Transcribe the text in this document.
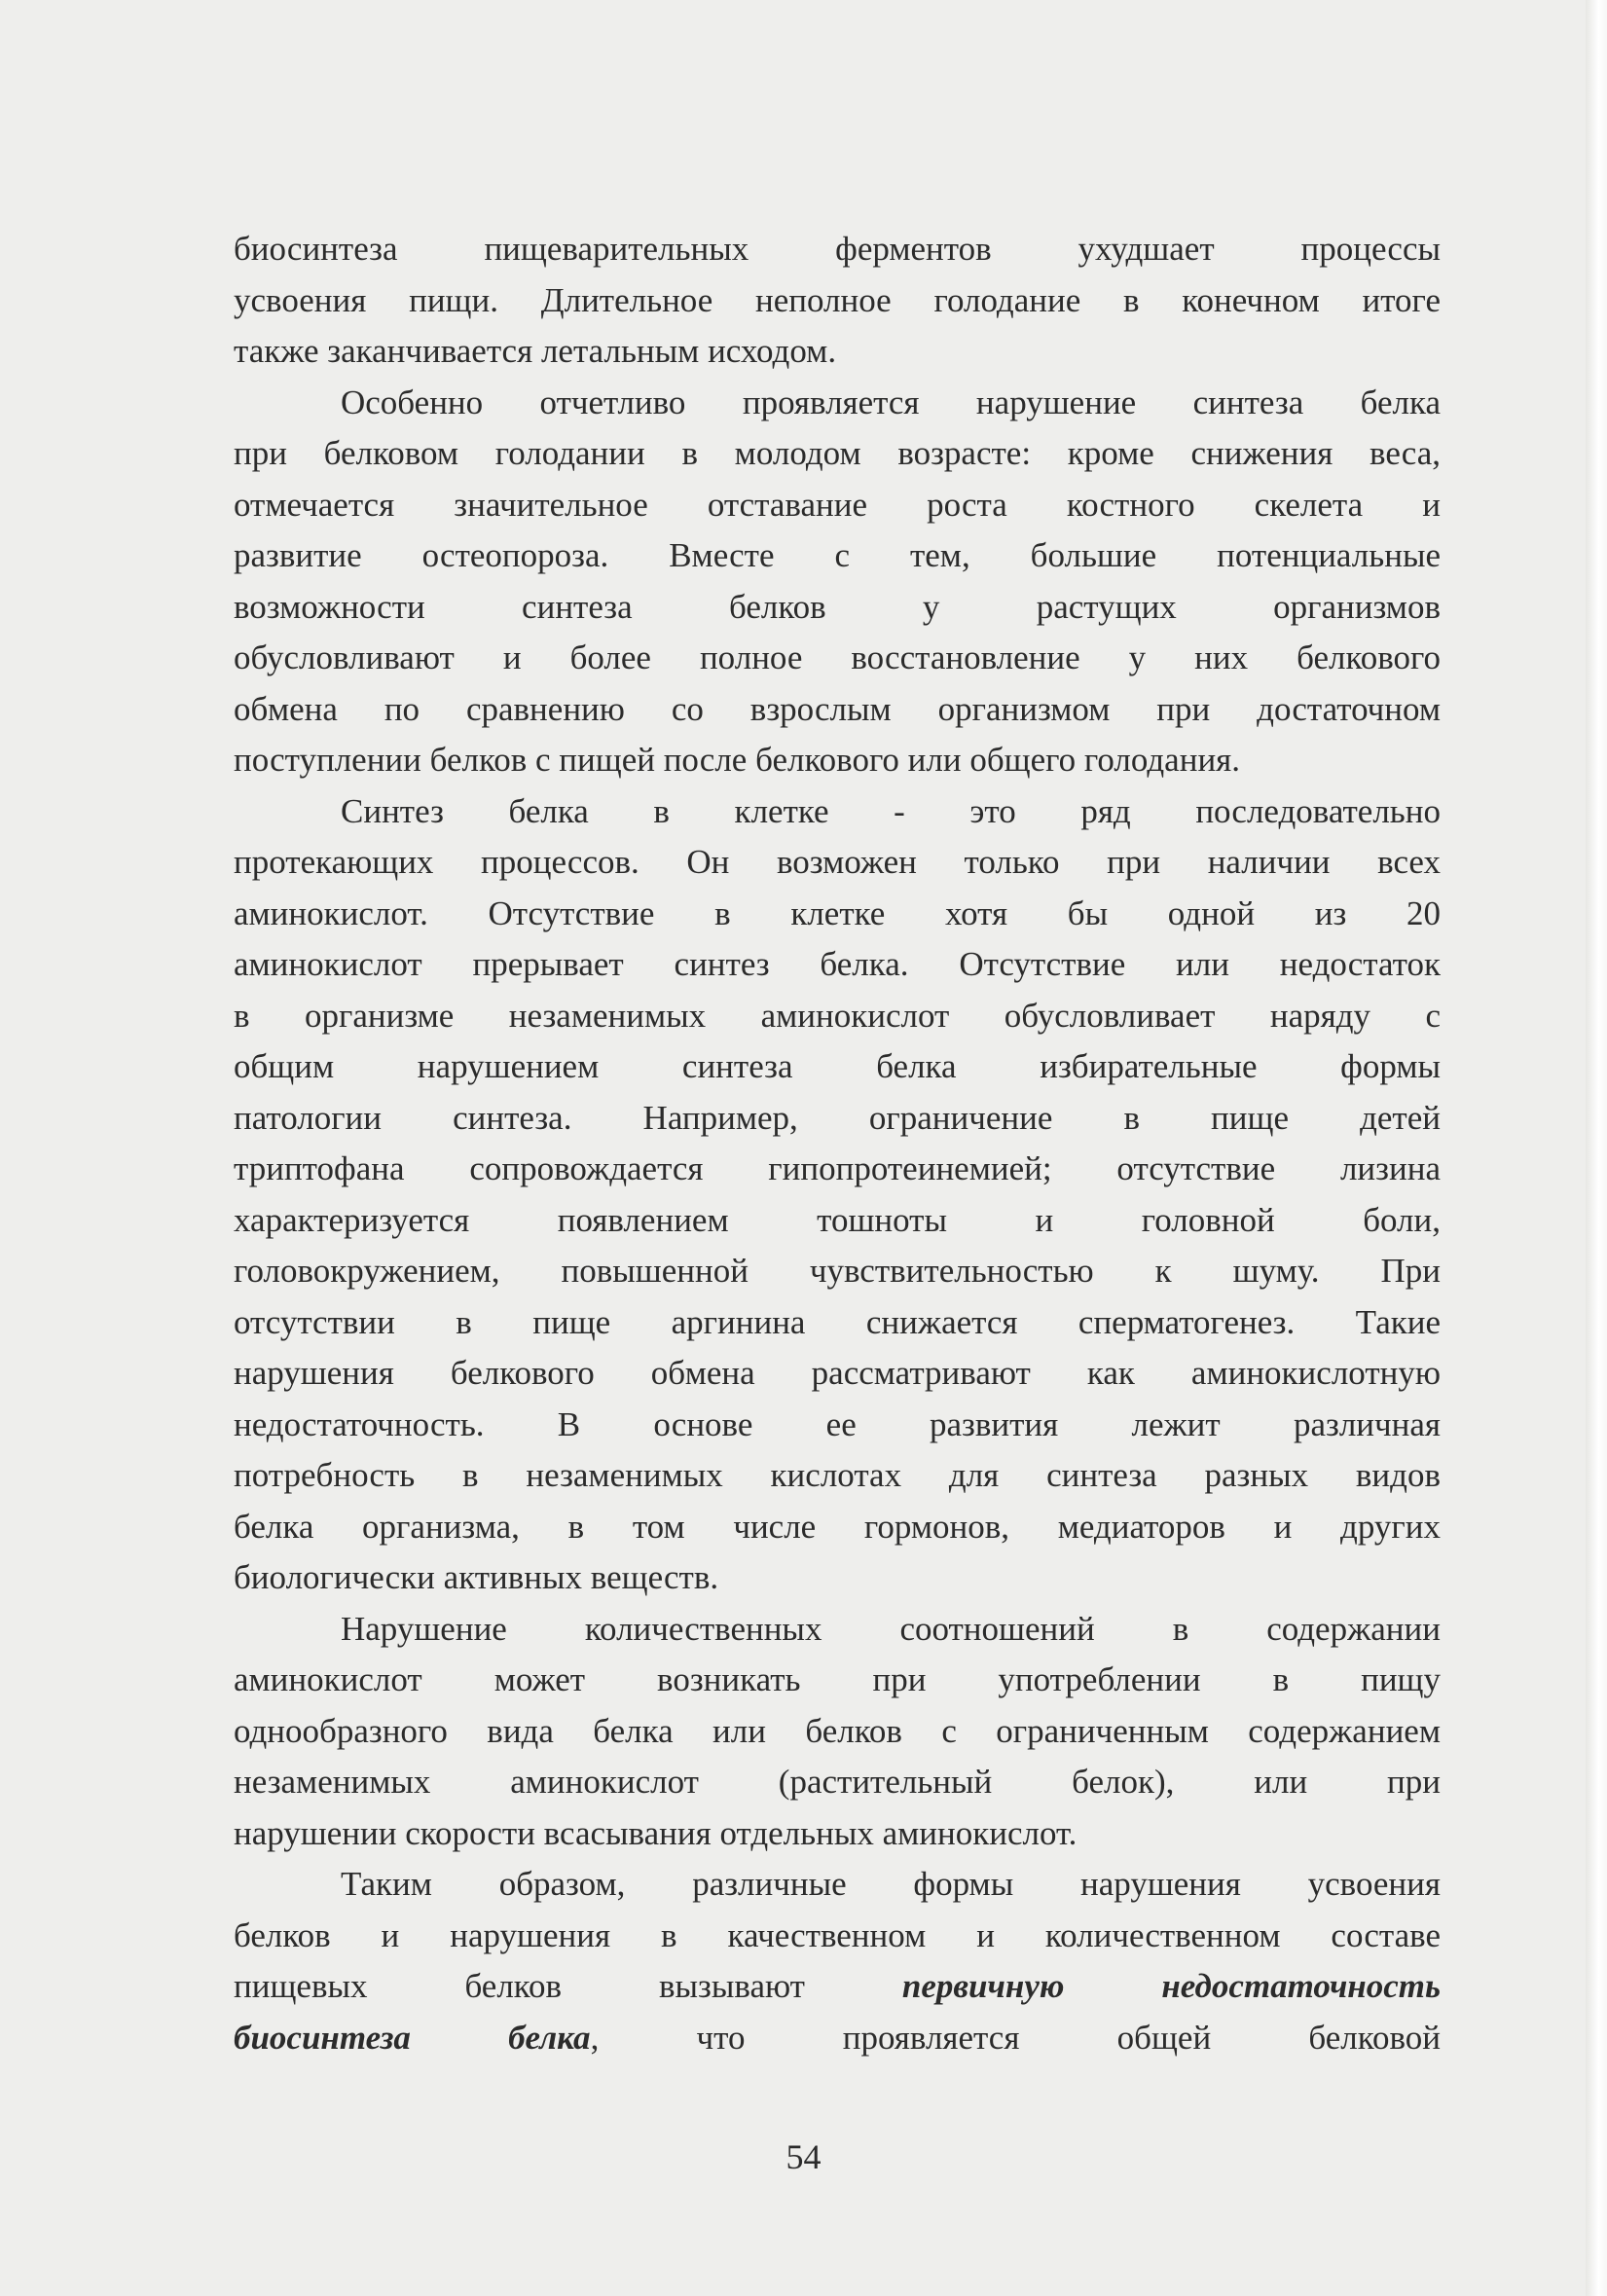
биосинтеза пищеварительных ферментов ухудшает процессы
усвоения пищи. Длительное неполное голодание в конечном итоге
также заканчивается летальным исходом.
Особенно отчетливо проявляется нарушение синтеза белка
при белковом голодании в молодом возрасте: кроме снижения веса,
отмечается значительное отставание роста костного скелета и
развитие остеопороза. Вместе с тем, большие потенциальные
возможности синтеза белков у растущих организмов
обусловливают и более полное восстановление у них белкового
обмена по сравнению со взрослым организмом при достаточном
поступлении белков с пищей после белкового или общего голодания.
Синтез белка в клетке - это ряд последовательно
протекающих процессов. Он возможен только при наличии всех
аминокислот. Отсутствие в клетке хотя бы одной из 20
аминокислот прерывает синтез белка. Отсутствие или недостаток
в организме незаменимых аминокислот обусловливает наряду с
общим нарушением синтеза белка избирательные формы
патологии синтеза. Например, ограничение в пище детей
триптофана сопровождается гипопротеинемией; отсутствие лизина
характеризуется появлением тошноты и головной боли,
головокружением, повышенной чувствительностью к шуму. При
отсутствии в пище аргинина снижается сперматогенез. Такие
нарушения белкового обмена рассматривают как аминокислотную
недостаточность. В основе ее развития лежит различная
потребность в незаменимых кислотах для синтеза разных видов
белка организма, в том числе гормонов, медиаторов и других
биологически активных веществ.
Нарушение количественных соотношений в содержании
аминокислот может возникать при употреблении в пищу
однообразного вида белка или белков с ограниченным содержанием
незаменимых аминокислот (растительный белок), или при
нарушении скорости всасывания отдельных аминокислот.
Таким образом, различные формы нарушения усвоения
белков и нарушения в качественном и количественном составе
пищевых белков вызывают	первичную недостаточность
биосинтеза белка, что проявляется общей белковой
54
